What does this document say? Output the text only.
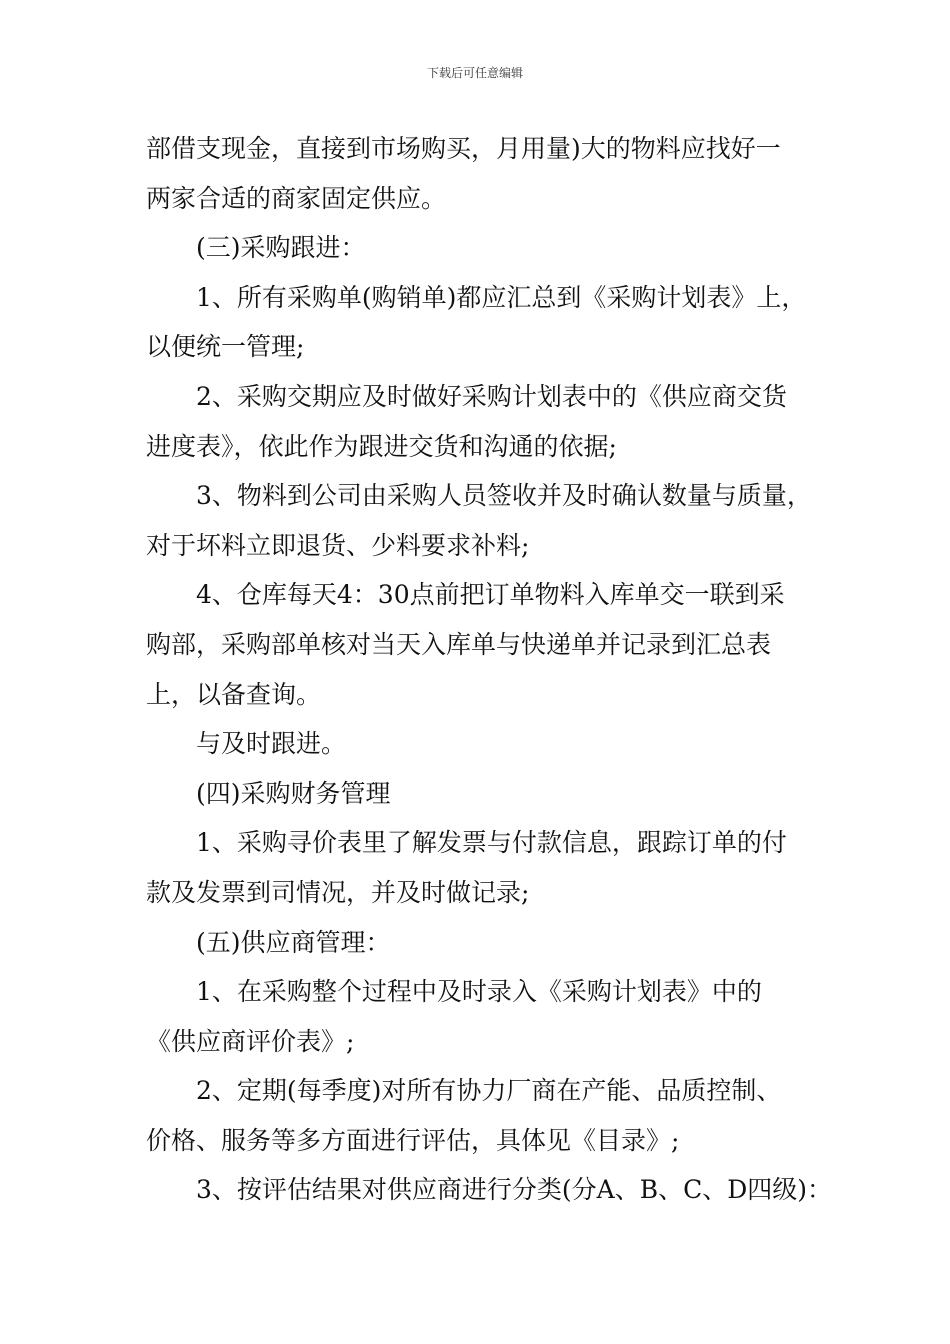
下载后可任意编辑
部借支现金，直接到市场购买，月用量)大的物料应找好一
两家合适的商家固定供应。
(三)采购跟进：
1、所有采购单(购销单)都应汇总到《采购计划表》上，
以便统一管理;
2、采购交期应及时做好采购计划表中的《供应商交货
进度表》，依此作为跟进交货和沟通的依据;
3、物料到公司由采购人员签收并及时确认数量与质量，
对于坏料立即退货、少料要求补料;
4、仓库每天4：30点前把订单物料入库单交一联到采
购部，采购部单核对当天入库单与快递单并记录到汇总表
上，以备查询。
与及时跟进。
(四)采购财务管理
1、采购寻价表里了解发票与付款信息，跟踪订单的付
款及发票到司情况，并及时做记录;
(五)供应商管理：
1、在采购整个过程中及时录入《采购计划表》中的
《供应商评价表》;
2、定期(每季度)对所有协力厂商在产能、品质控制、
价格、服务等多方面进行评估，具体见《目录》;
3、按评估结果对供应商进行分类(分A、B、C、D四级)：
